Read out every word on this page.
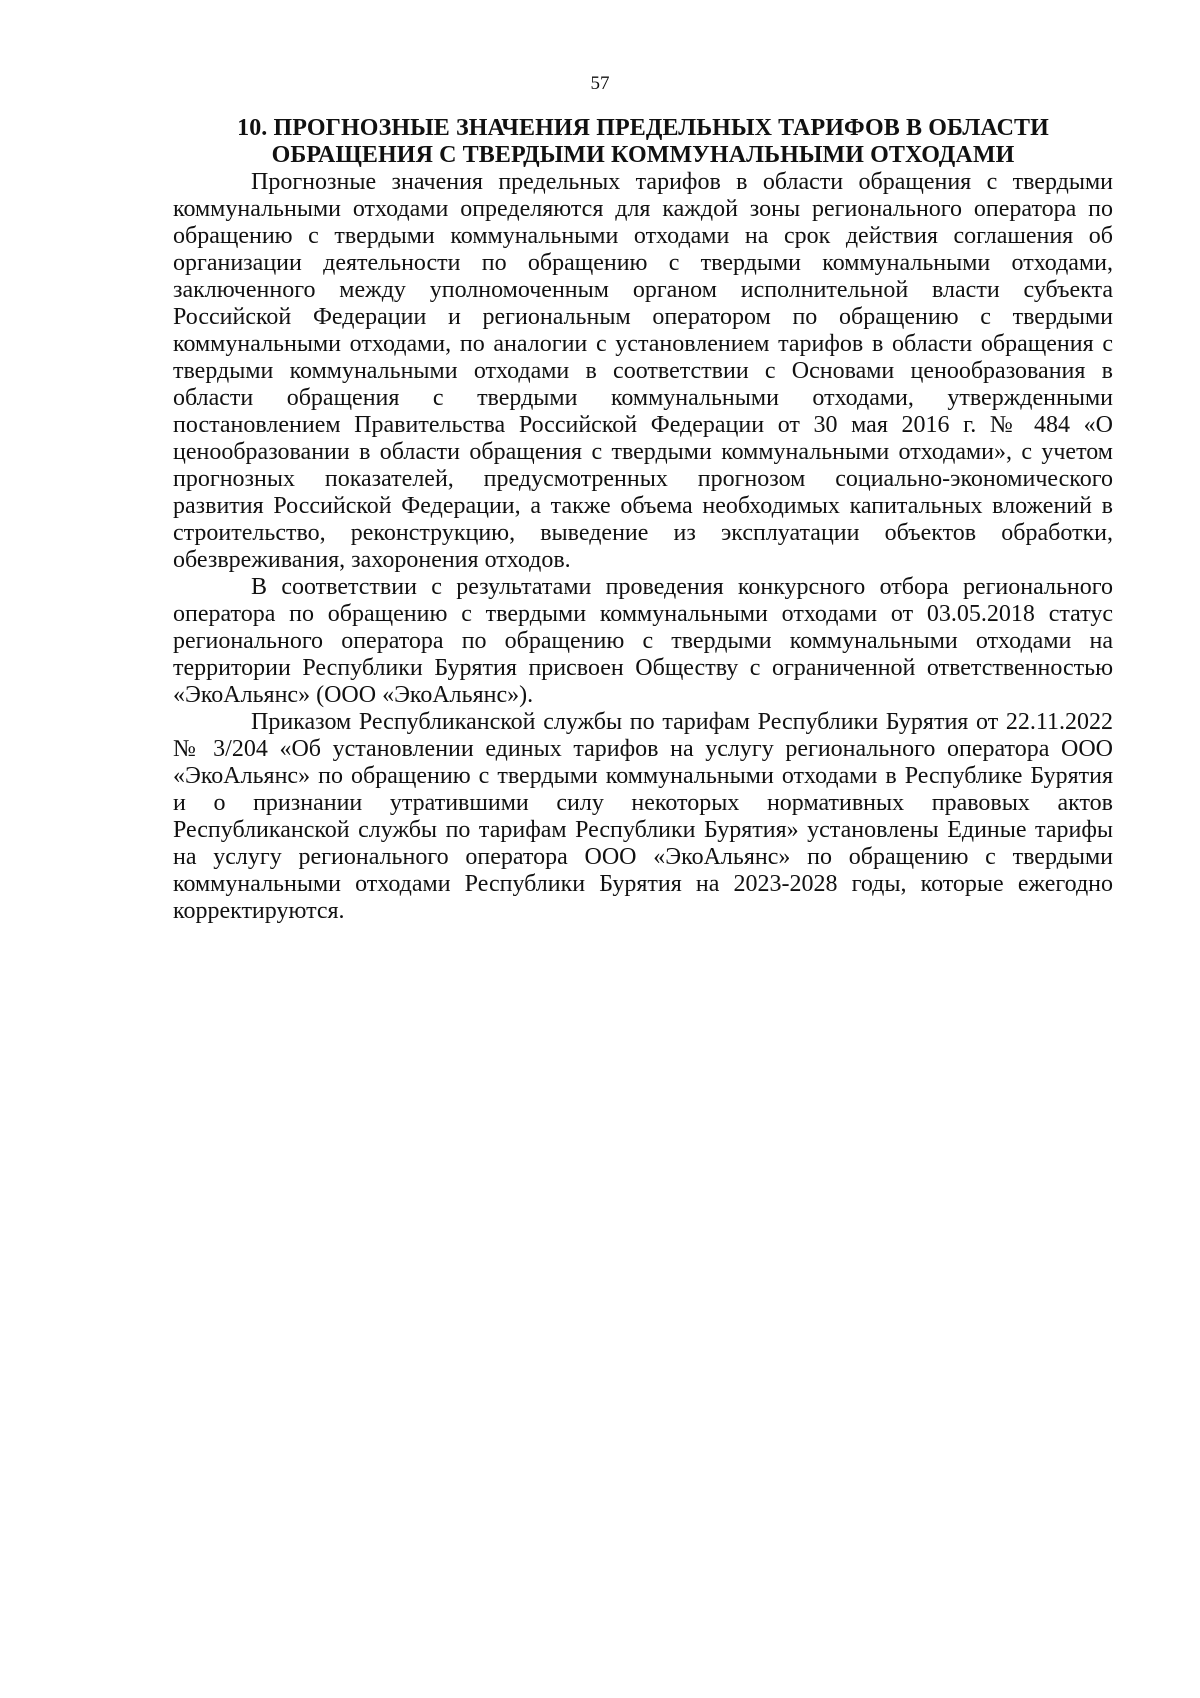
57
10. ПРОГНОЗНЫЕ ЗНАЧЕНИЯ ПРЕДЕЛЬНЫХ ТАРИФОВ В ОБЛАСТИ
ОБРАЩЕНИЯ С ТВЕРДЫМИ КОММУНАЛЬНЫМИ ОТХОДАМИ

Прогнозные значения предельных тарифов в области обращения с твердыми коммунальными отходами определяются для каждой зоны регионального оператора по обращению с твердыми коммунальными отходами на срок действия соглашения об организации деятельности по обращению с твердыми коммунальными отходами, заключенного между уполномоченным органом исполнительной власти субъекта Российской Федерации и региональным оператором по обращению с твердыми коммунальными отходами, по аналогии с установлением тарифов в области обращения с твердыми коммунальными отходами в соответствии с Основами ценообразования в области обращения с твердыми коммунальными отходами, утвержденными постановлением Правительства Российской Федерации от 30 мая 2016 г. № 484 «О ценообразовании в области обращения с твердыми коммунальными отходами», с учетом прогнозных показателей, предусмотренных прогнозом социально-экономического развития Российской Федерации, а также объема необходимых капитальных вложений в строительство, реконструкцию, выведение из эксплуатации объектов обработки, обезвреживания, захоронения отходов.

В соответствии с результатами проведения конкурсного отбора регионального оператора по обращению с твердыми коммунальными отходами от 03.05.2018 статус регионального оператора по обращению с твердыми коммунальными отходами на территории Республики Бурятия присвоен Обществу с ограниченной ответственностью «ЭкоАльянс» (ООО «ЭкоАльянс»).

Приказом Республиканской службы по тарифам Республики Бурятия от 22.11.2022 № 3/204 «Об установлении единых тарифов на услугу регионального оператора ООО «ЭкоАльянс» по обращению с твердыми коммунальными отходами в Республике Бурятия и о признании утратившими силу некоторых нормативных правовых актов Республиканской службы по тарифам Республики Бурятия» установлены Единые тарифы на услугу регионального оператора ООО «ЭкоАльянс» по обращению с твердыми коммунальными отходами Республики Бурятия на 2023-2028 годы, которые ежегодно корректируются.
